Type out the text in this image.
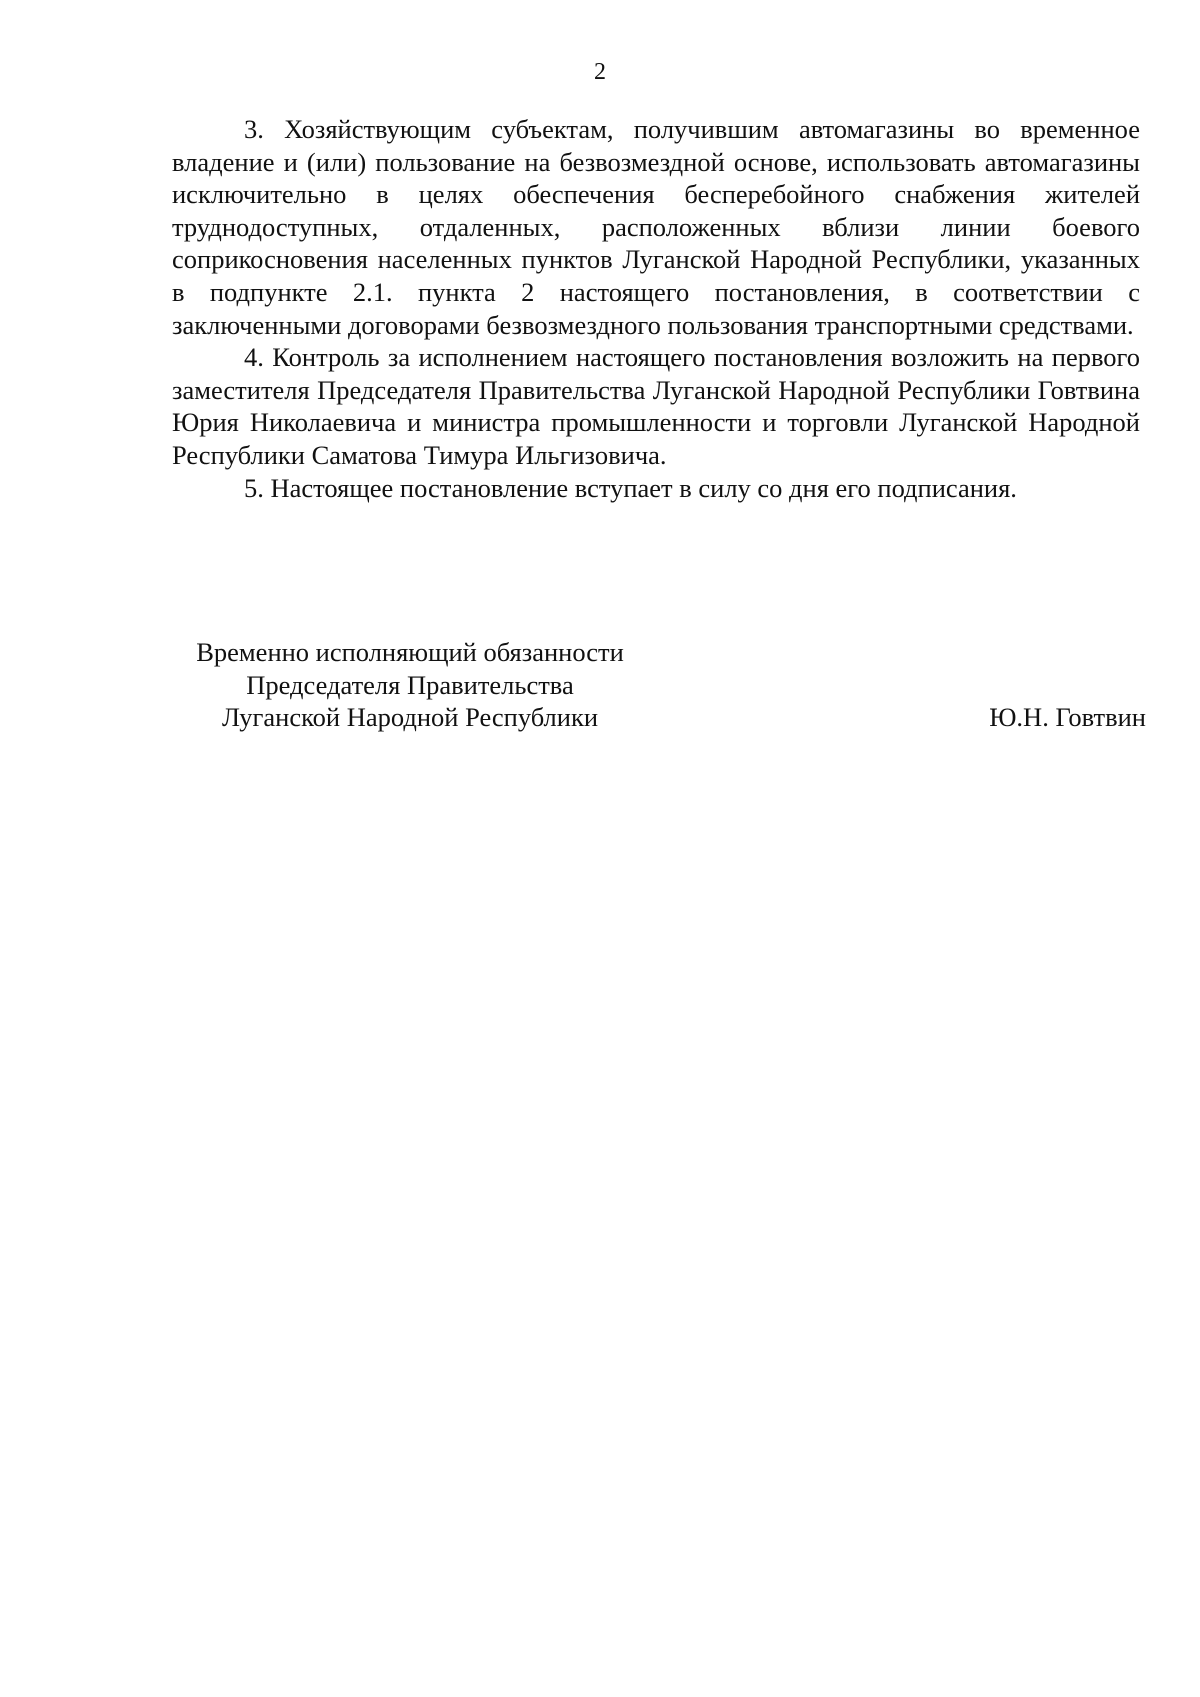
2

3. Хозяйствующим субъектам, получившим автомагазины во временное владение и (или) пользование на безвозмездной основе, использовать автомагазины исключительно в целях обеспечения бесперебойного снабжения жителей труднодоступных, отдаленных, расположенных вблизи линии боевого соприкосновения населенных пунктов Луганской Народной Республики, указанных в подпункте 2.1. пункта 2 настоящего постановления, в соответствии с заключенными договорами безвозмездного пользования транспортными средствами.

4. Контроль за исполнением настоящего постановления возложить на первого заместителя Председателя Правительства Луганской Народной Республики Говтвина Юрия Николаевича и министра промышленности и торговли Луганской Народной Республики Саматова Тимура Ильгизовича.

5. Настоящее постановление вступает в силу со дня его подписания.

Временно исполняющий обязанности
Председателя Правительства
Луганской Народной Республики	Ю.Н. Говтвин
